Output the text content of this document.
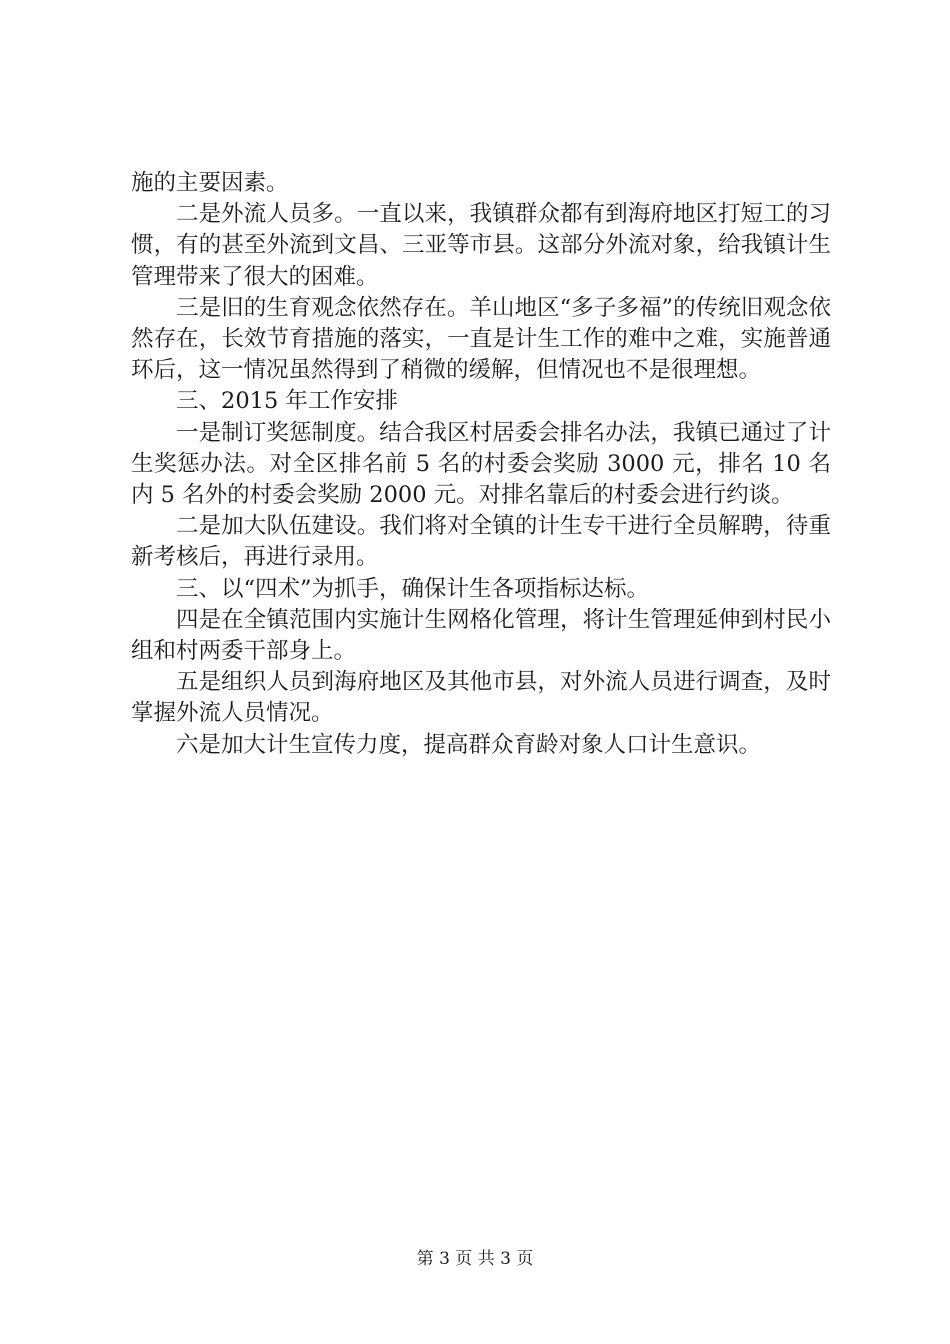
施的主要因素。

二是外流人员多。一直以来，我镇群众都有到海府地区打短工的习惯，有的甚至外流到文昌、三亚等市县。这部分外流对象，给我镇计生管理带来了很大的困难。

三是旧的生育观念依然存在。羊山地区“多子多福”的传统旧观念依然存在，长效节育措施的落实，一直是计生工作的难中之难，实施普通环后，这一情况虽然得到了稍微的缓解，但情况也不是很理想。

三、2015 年工作安排

一是制订奖惩制度。结合我区村居委会排名办法，我镇已通过了计生奖惩办法。对全区排名前 5 名的村委会奖励 3000 元，排名 10 名内 5 名外的村委会奖励 2000 元。对排名靠后的村委会进行约谈。

二是加大队伍建设。我们将对全镇的计生专干进行全员解聘，待重新考核后，再进行录用。

三、以“四术”为抓手，确保计生各项指标达标。

四是在全镇范围内实施计生网格化管理，将计生管理延伸到村民小组和村两委干部身上。

五是组织人员到海府地区及其他市县，对外流人员进行调查，及时掌握外流人员情况。

六是加大计生宣传力度，提高群众育龄对象人口计生意识。

第 3 页 共 3 页
